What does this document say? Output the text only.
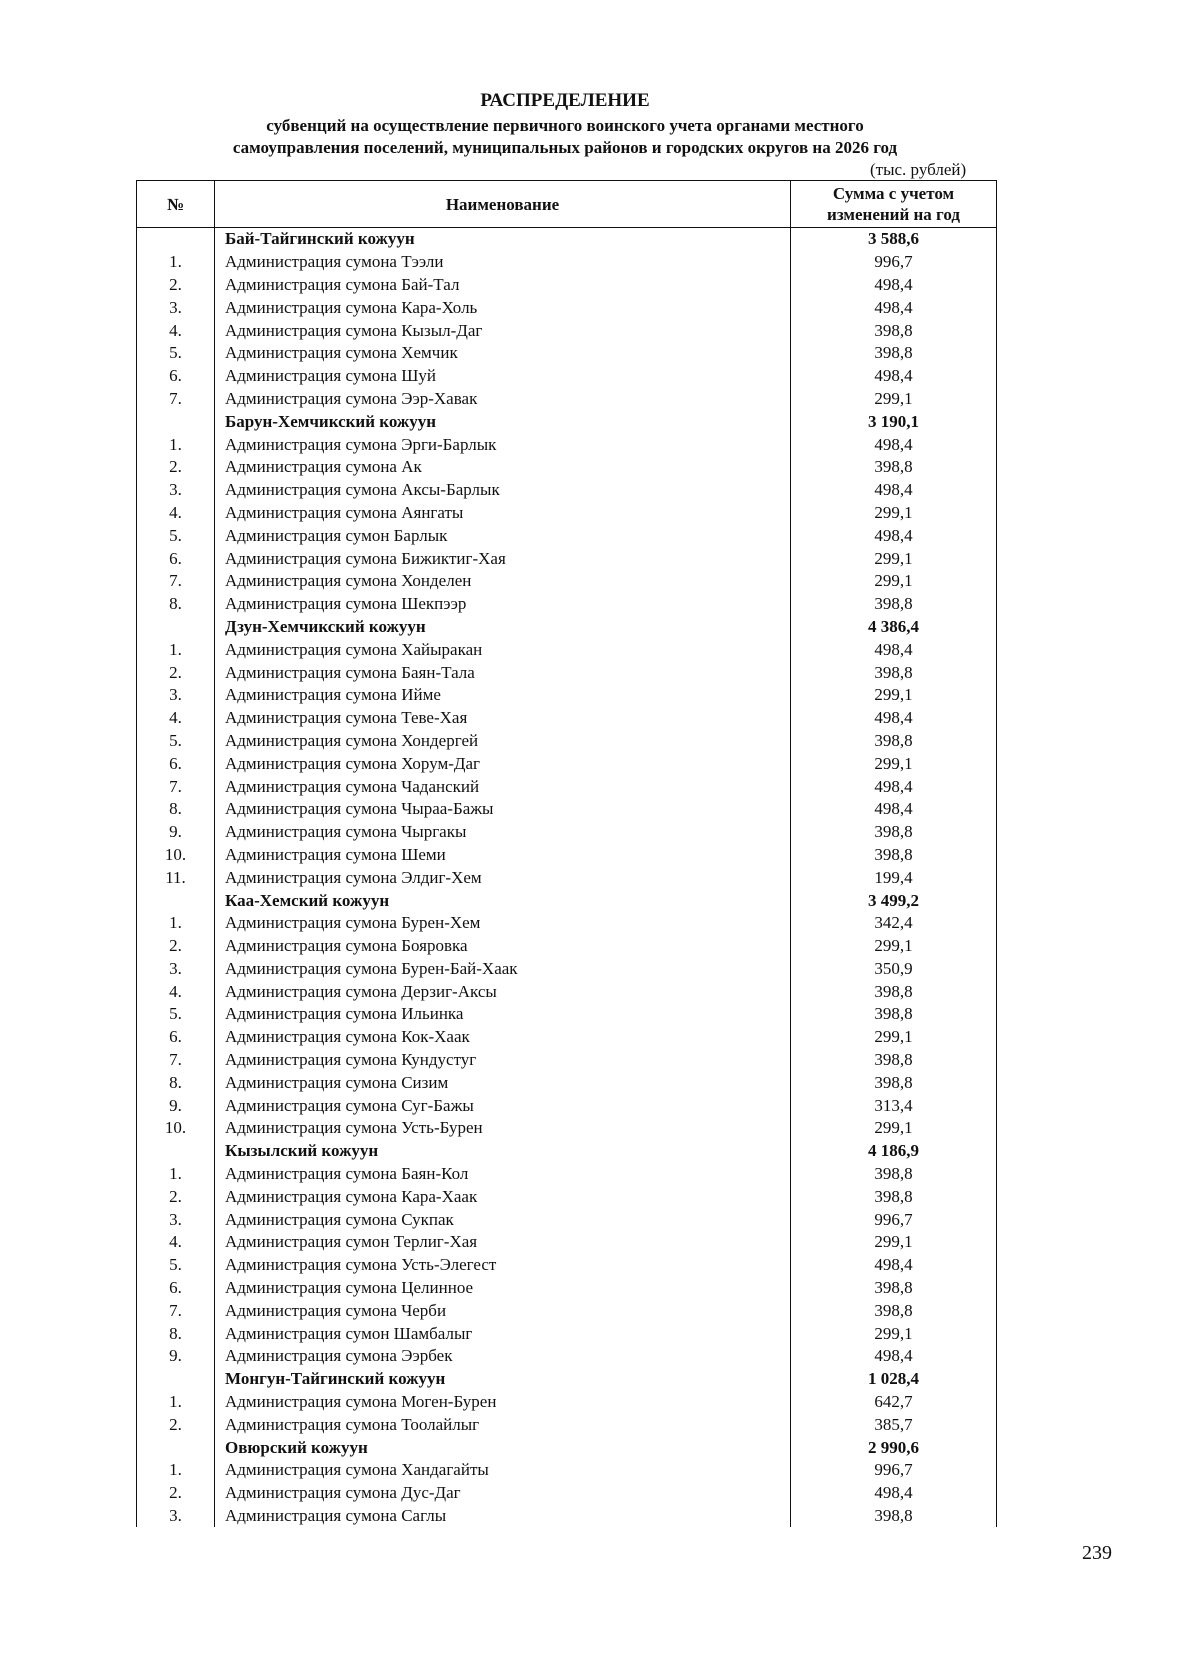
РАСПРЕДЕЛЕНИЕ
субвенций на осуществление первичного воинского учета органами местного
самоуправления поселений, муниципальных районов и городских округов на 2026 год
(тыс. рублей)
№	Наименование	Сумма с учетом
изменений на год

	Бай-Тайгинский кожуун	3 588,6
1.	Администрация сумона Тээли	996,7
2.	Администрация сумона Бай-Тал	498,4
3.	Администрация сумона Кара-Холь	498,4
4.	Администрация сумона Кызыл-Даг	398,8
5.	Администрация сумона Хемчик	398,8
6.	Администрация сумона Шуй	498,4
7.	Администрация сумона Ээр-Хавак	299,1
	Барун-Хемчикский кожуун	3 190,1
1.	Администрация сумона Эрги-Барлык	498,4
2.	Администрация сумона Ак	398,8
3.	Администрация сумона Аксы-Барлык	498,4
4.	Администрация сумона Аянгаты	299,1
5.	Администрация сумон Барлык	498,4
6.	Администрация сумона Бижиктиг-Хая	299,1
7.	Администрация сумона Хонделен	299,1
8.	Администрация сумона Шекпээр	398,8
	Дзун-Хемчикский кожуун	4 386,4
1.	Администрация сумона Хайыракан	498,4
2.	Администрация сумона Баян-Тала	398,8
3.	Администрация сумона Ийме	299,1
4.	Администрация сумона Теве-Хая	498,4
5.	Администрация сумона Хондергей	398,8
6.	Администрация сумона Хорум-Даг	299,1
7.	Администрация сумона Чаданский	498,4
8.	Администрация сумона Чыраа-Бажы	498,4
9.	Администрация сумона Чыргакы	398,8
10.	Администрация сумона Шеми	398,8
11.	Администрация сумона Элдиг-Хем	199,4
	Каа-Хемский кожуун	3 499,2
1.	Администрация сумона Бурен-Хем	342,4
2.	Администрация сумона Бояровка	299,1
3.	Администрация сумона Бурен-Бай-Хаак	350,9
4.	Администрация сумона Дерзиг-Аксы	398,8
5.	Администрация сумона Ильинка	398,8
6.	Администрация сумона Кок-Хаак	299,1
7.	Администрация сумона Кундустуг	398,8
8.	Администрация сумона Сизим	398,8
9.	Администрация сумона Суг-Бажы	313,4
10.	Администрация сумона Усть-Бурен	299,1
	Кызылский кожуун	4 186,9
1.	Администрация сумона Баян-Кол	398,8
2.	Администрация сумона Кара-Хаак	398,8
3.	Администрация сумона Сукпак	996,7
4.	Администрация сумон Терлиг-Хая	299,1
5.	Администрация сумона Усть-Элегест	498,4
6.	Администрация сумона Целинное	398,8
7.	Администрация сумона Черби	398,8
8.	Администрация сумон Шамбалыг	299,1
9.	Администрация сумона Ээрбек	498,4
	Монгун-Тайгинский кожуун	1 028,4
1.	Администрация сумона Моген-Бурен	642,7
2.	Администрация сумона Тоолайлыг	385,7
	Овюрский кожуун	2 990,6
1.	Администрация сумона Хандагайты	996,7
2.	Администрация сумона Дус-Даг	498,4
3.	Администрация сумона Саглы	398,8
239
